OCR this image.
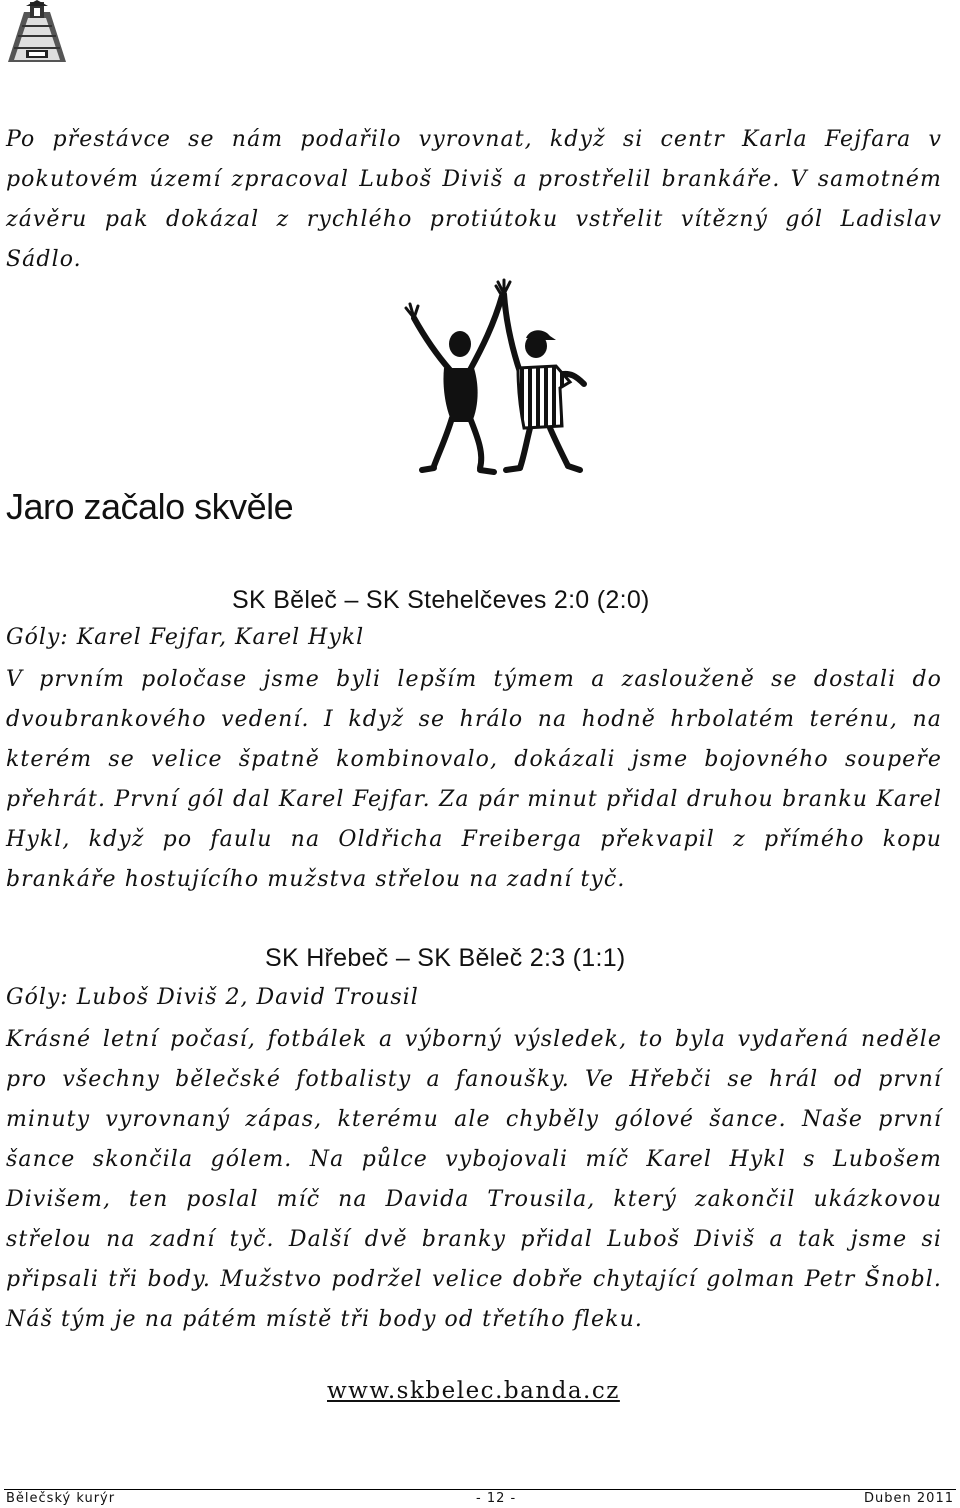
Po přestávce se nám podařilo vyrovnat, když si centr Karla Fejfara v pokutovém území zpracoval Luboš Diviš a prostřelil brankáře. V samotném závěru pak dokázal z rychlého protiútoku vstřelit vítězný gól Ladislav Sádlo.

Jaro začalo skvěle
SK Běleč – SK Stehelčeves 2:0 (2:0)

Góly: Karel Fejfar, Karel Hykl

V prvním poločase jsme byli lepším týmem a zaslouženě se dostali do dvoubrankového vedení. I když se hrálo na hodně hrbolatém terénu, na kterém se velice špatně kombinovalo, dokázali jsme bojovného soupeře přehrát. První gól dal Karel Fejfar. Za pár minut přidal druhou branku Karel Hykl, když po faulu na Oldřicha Freiberga překvapil z přímého kopu brankáře hostujícího mužstva střelou na zadní tyč.

SK Hřebeč – SK Běleč 2:3 (1:1)

Góly: Luboš Diviš 2, David Trousil

Krásné letní počasí, fotbálek a výborný výsledek, to byla vydařená neděle pro všechny bělečské fotbalisty a fanoušky. Ve Hřebči se hrál od první minuty vyrovnaný zápas, kterému ale chyběly gólové šance. Naše první šance skončila gólem. Na půlce vybojovali míč Karel Hykl s Lubošem Divišem, ten poslal míč na Davida Trousila, který zakončil ukázkovou střelou na zadní tyč. Další dvě branky přidal Luboš Diviš a tak jsme si připsali tři body. Mužstvo podržel velice dobře chytající golman Petr Šnobl. Náš tým je na pátém místě tři body od třetího fleku.

www.skbelec.banda.cz

Bělečský kurýr	- 12 -	Duben 2011
